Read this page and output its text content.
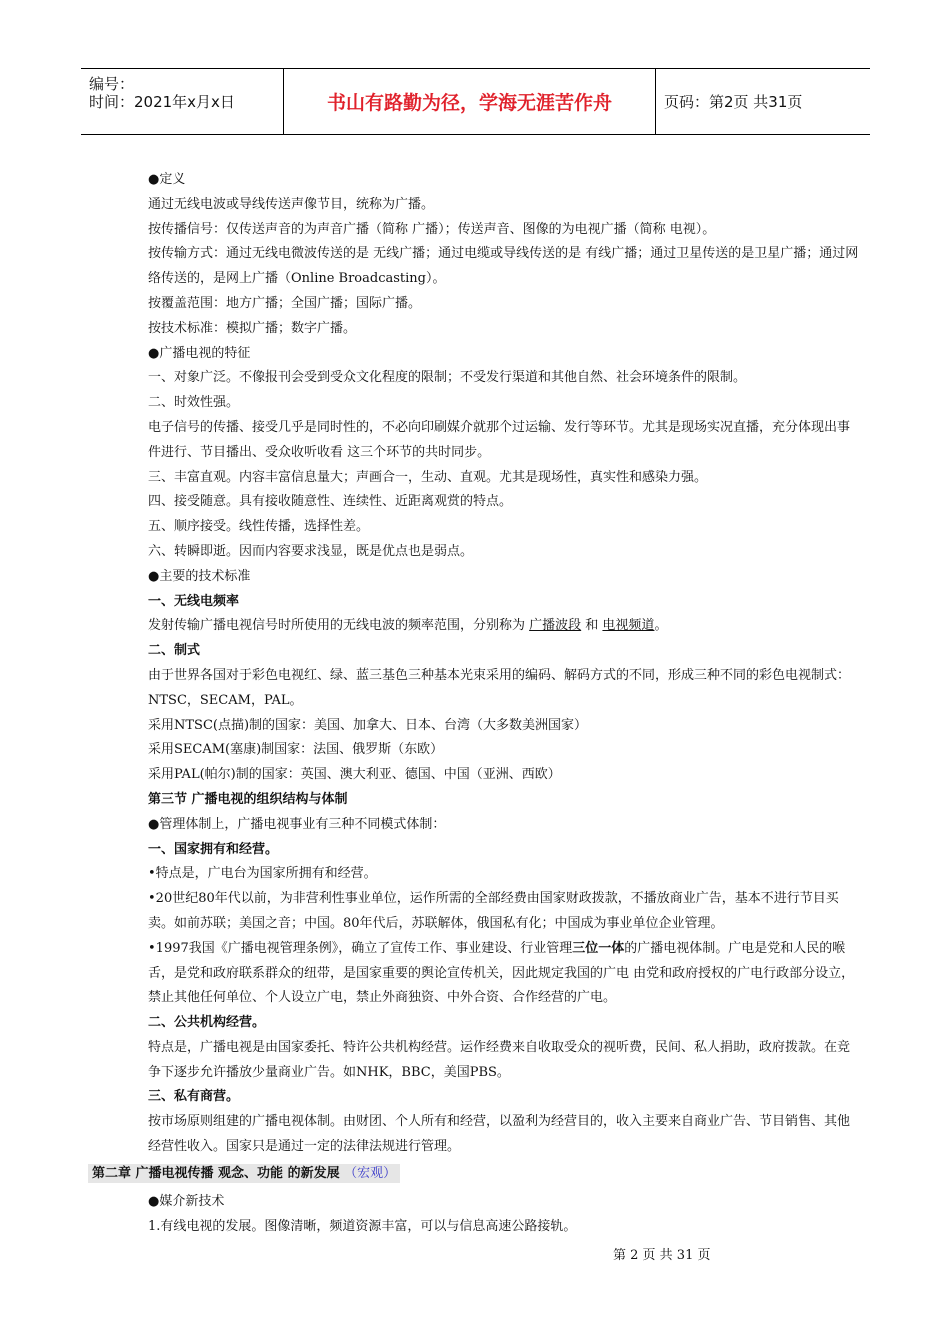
编号：
时间：2021年x月x日	书山有路勤为径，学海无涯苦作舟	页码：第2页 共31页
●定义
通过无线电波或导线传送声像节目，统称为广播。
按传播信号：仅传送声音的为声音广播（简称 广播）；传送声音、图像的为电视广播（简称 电视）。
按传输方式：通过无线电微波传送的是 无线广播；通过电缆或导线传送的是 有线广播；通过卫星传送的是卫星广播；通过网络传送的，是网上广播（Online Broadcasting）。
按覆盖范围：地方广播；全国广播；国际广播。
按技术标准：模拟广播；数字广播。
●广播电视的特征
一、对象广泛。不像报刊会受到受众文化程度的限制；不受发行渠道和其他自然、社会环境条件的限制。
二、时效性强。
电子信号的传播、接受几乎是同时性的，不必向印刷媒介就那个过运输、发行等环节。尤其是现场实况直播，充分体现出事件进行、节目播出、受众收听收看 这三个环节的共时同步。
三、丰富直观。内容丰富信息量大；声画合一，生动、直观。尤其是现场性，真实性和感染力强。
四、接受随意。具有接收随意性、连续性、近距离观赏的特点。
五、顺序接受。线性传播，选择性差。
六、转瞬即逝。因而内容要求浅显，既是优点也是弱点。
●主要的技术标准
一、无线电频率
发射传输广播电视信号时所使用的无线电波的频率范围，分别称为 广播波段 和 电视频道。
二、制式
由于世界各国对于彩色电视红、绿、蓝三基色三种基本光束采用的编码、解码方式的不同，形成三种不同的彩色电视制式：NTSC，SECAM，PAL。
采用NTSC(点描)制的国家：美国、加拿大、日本、台湾（大多数美洲国家）
采用SECAM(塞康)制国家：法国、俄罗斯（东欧）
采用PAL(帕尔)制的国家：英国、澳大利亚、德国、中国（亚洲、西欧）
第三节 广播电视的组织结构与体制
●管理体制上，广播电视事业有三种不同模式体制：
一、国家拥有和经营。
•特点是，广电台为国家所拥有和经营。
•20世纪80年代以前，为非营利性事业单位，运作所需的全部经费由国家财政拨款，不播放商业广告，基本不进行节目买卖。如前苏联；美国之音；中国。80年代后，苏联解体，俄国私有化；中国成为事业单位企业管理。
•1997我国《广播电视管理条例》，确立了宣传工作、事业建设、行业管理三位一体的广播电视体制。广电是党和人民的喉舌，是党和政府联系群众的纽带，是国家重要的舆论宣传机关，因此规定我国的广电 由党和政府授权的广电行政部分设立，禁止其他任何单位、个人设立广电，禁止外商独资、中外合资、合作经营的广电。
二、公共机构经营。
特点是，广播电视是由国家委托、特许公共机构经营。运作经费来自收取受众的视听费，民间、私人捐助，政府拨款。在竞争下逐步允许播放少量商业广告。如NHK，BBC，美国PBS。
三、私有商营。
按市场原则组建的广播电视体制。由财团、个人所有和经营，以盈利为经营目的，收入主要来自商业广告、节目销售、其他经营性收入。国家只是通过一定的法律法规进行管理。
第二章 广播电视传播 观念、功能 的新发展 （宏观）
●媒介新技术
1.有线电视的发展。图像清晰，频道资源丰富，可以与信息高速公路接轨。
第 2 页 共 31 页
